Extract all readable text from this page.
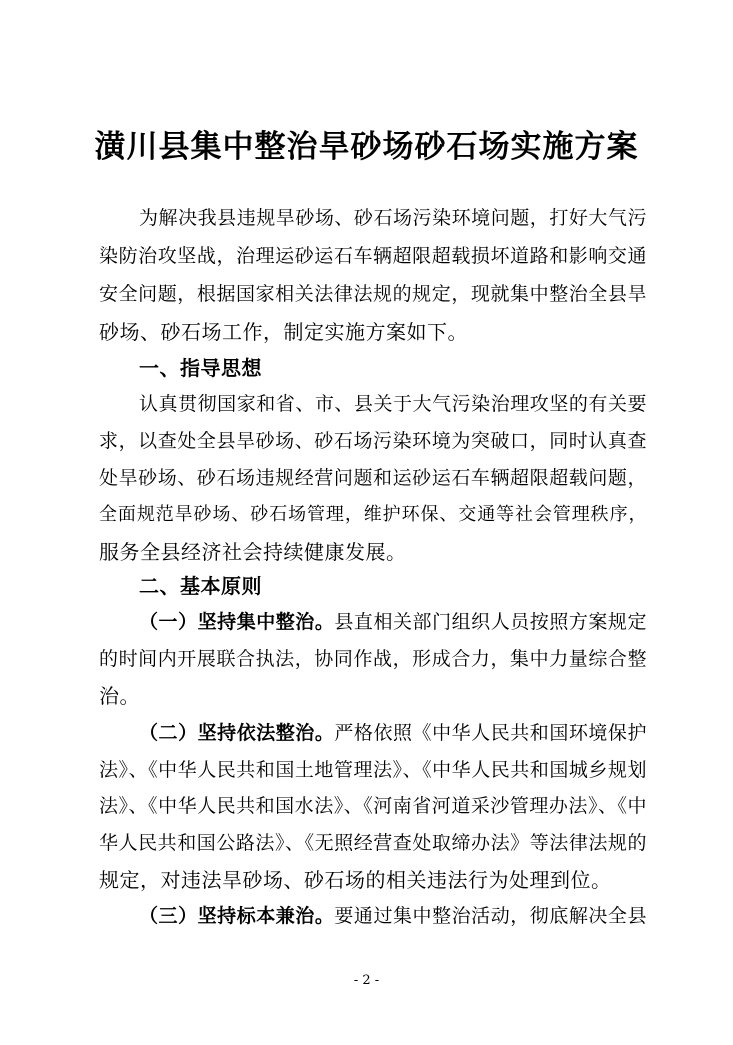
潢川县集中整治旱砂场砂石场实施方案
为解决我县违规旱砂场、砂石场污染环境问题，打好大气污
染防治攻坚战，治理运砂运石车辆超限超载损坏道路和影响交通
安全问题，根据国家相关法律法规的规定，现就集中整治全县旱
砂场、砂石场工作，制定实施方案如下。
一、指导思想
认真贯彻国家和省、市、县关于大气污染治理攻坚的有关要
求，以查处全县旱砂场、砂石场污染环境为突破口，同时认真查
处旱砂场、砂石场违规经营问题和运砂运石车辆超限超载问题，
全面规范旱砂场、砂石场管理，维护环保、交通等社会管理秩序，
服务全县经济社会持续健康发展。
二、基本原则
（一）坚持集中整治。县直相关部门组织人员按照方案规定
的时间内开展联合执法，协同作战，形成合力，集中力量综合整
治。
（二）坚持依法整治。严格依照《中华人民共和国环境保护
法》、《中华人民共和国土地管理法》、《中华人民共和国城乡规划
法》、《中华人民共和国水法》、《河南省河道采沙管理办法》、《中
华人民共和国公路法》、《无照经营查处取缔办法》等法律法规的
规定，对违法旱砂场、砂石场的相关违法行为处理到位。
（三）坚持标本兼治。要通过集中整治活动，彻底解决全县
- 2 -
